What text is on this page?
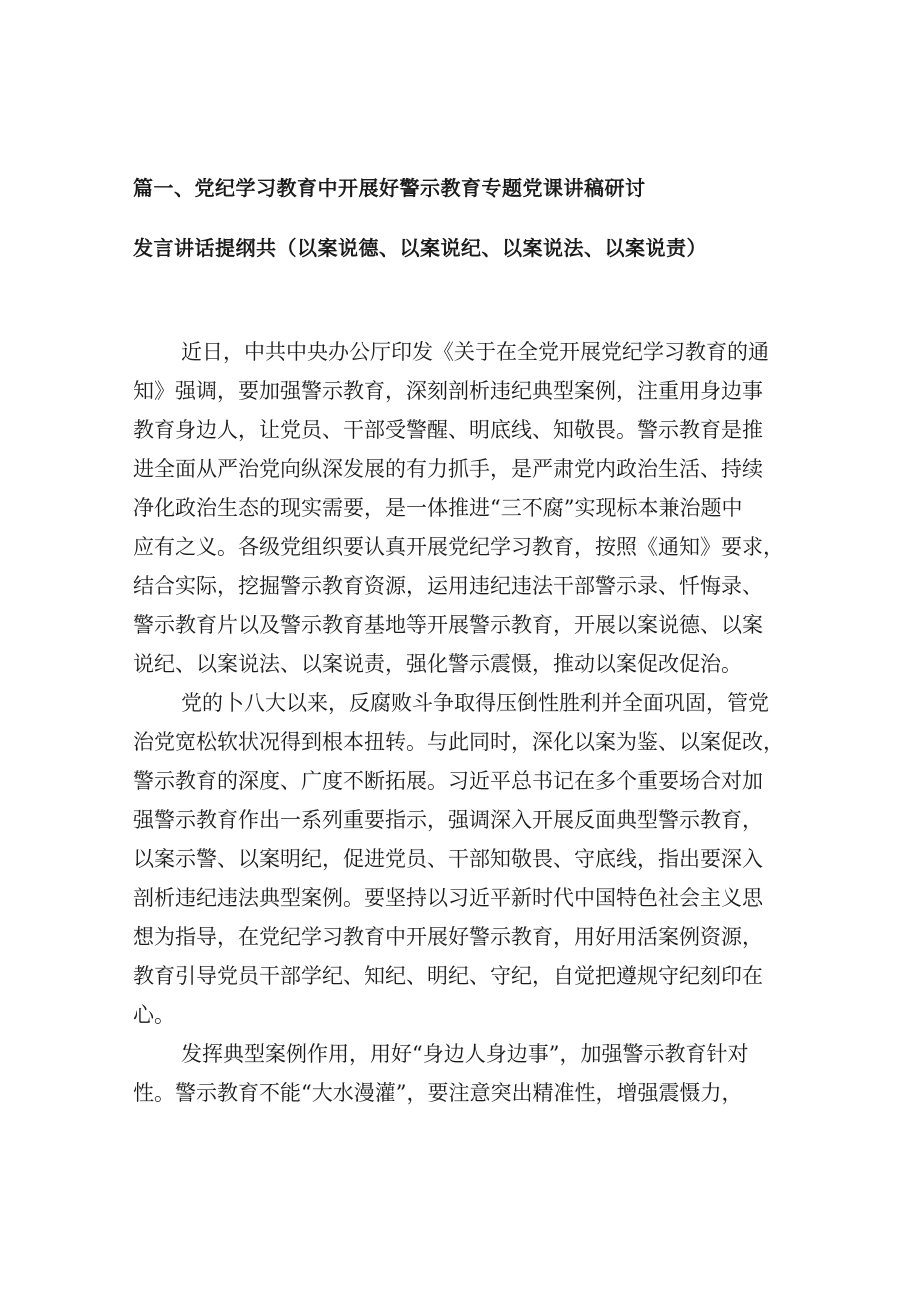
篇一、党纪学习教育中开展好警示教育专题党课讲稿研讨
发言讲话提纲共（以案说德、以案说纪、以案说法、以案说责）
近日，中共中央办公厅印发《关于在全党开展党纪学习教育的通
知》强调，要加强警示教育，深刻剖析违纪典型案例，注重用身边事
教育身边人，让党员、干部受警醒、明底线、知敬畏。警示教育是推
进全面从严治党向纵深发展的有力抓手，是严肃党内政治生活、持续
净化政治生态的现实需要，是一体推进“三不腐”实现标本兼治题中
应有之义。各级党组织要认真开展党纪学习教育，按照《通知》要求，
结合实际，挖掘警示教育资源，运用违纪违法干部警示录、忏悔录、
警示教育片以及警示教育基地等开展警示教育，开展以案说德、以案
说纪、以案说法、以案说责，强化警示震慑，推动以案促改促治。
党的卜八大以来，反腐败斗争取得压倒性胜利并全面巩固，管党
治党宽松软状况得到根本扭转。与此同时，深化以案为鉴、以案促改，
警示教育的深度、广度不断拓展。习近平总书记在多个重要场合对加
强警示教育作出一系列重要指示，强调深入开展反面典型警示教育，
以案示警、以案明纪，促进党员、干部知敬畏、守底线，指出要深入
剖析违纪违法典型案例。要坚持以习近平新时代中国特色社会主义思
想为指导，在党纪学习教育中开展好警示教育，用好用活案例资源，
教育引导党员干部学纪、知纪、明纪、守纪，自觉把遵规守纪刻印在
心。
发挥典型案例作用，用好“身边人身边事”，加强警示教育针对
性。警示教育不能“大水漫灌”，要注意突出精准性，增强震慑力，
